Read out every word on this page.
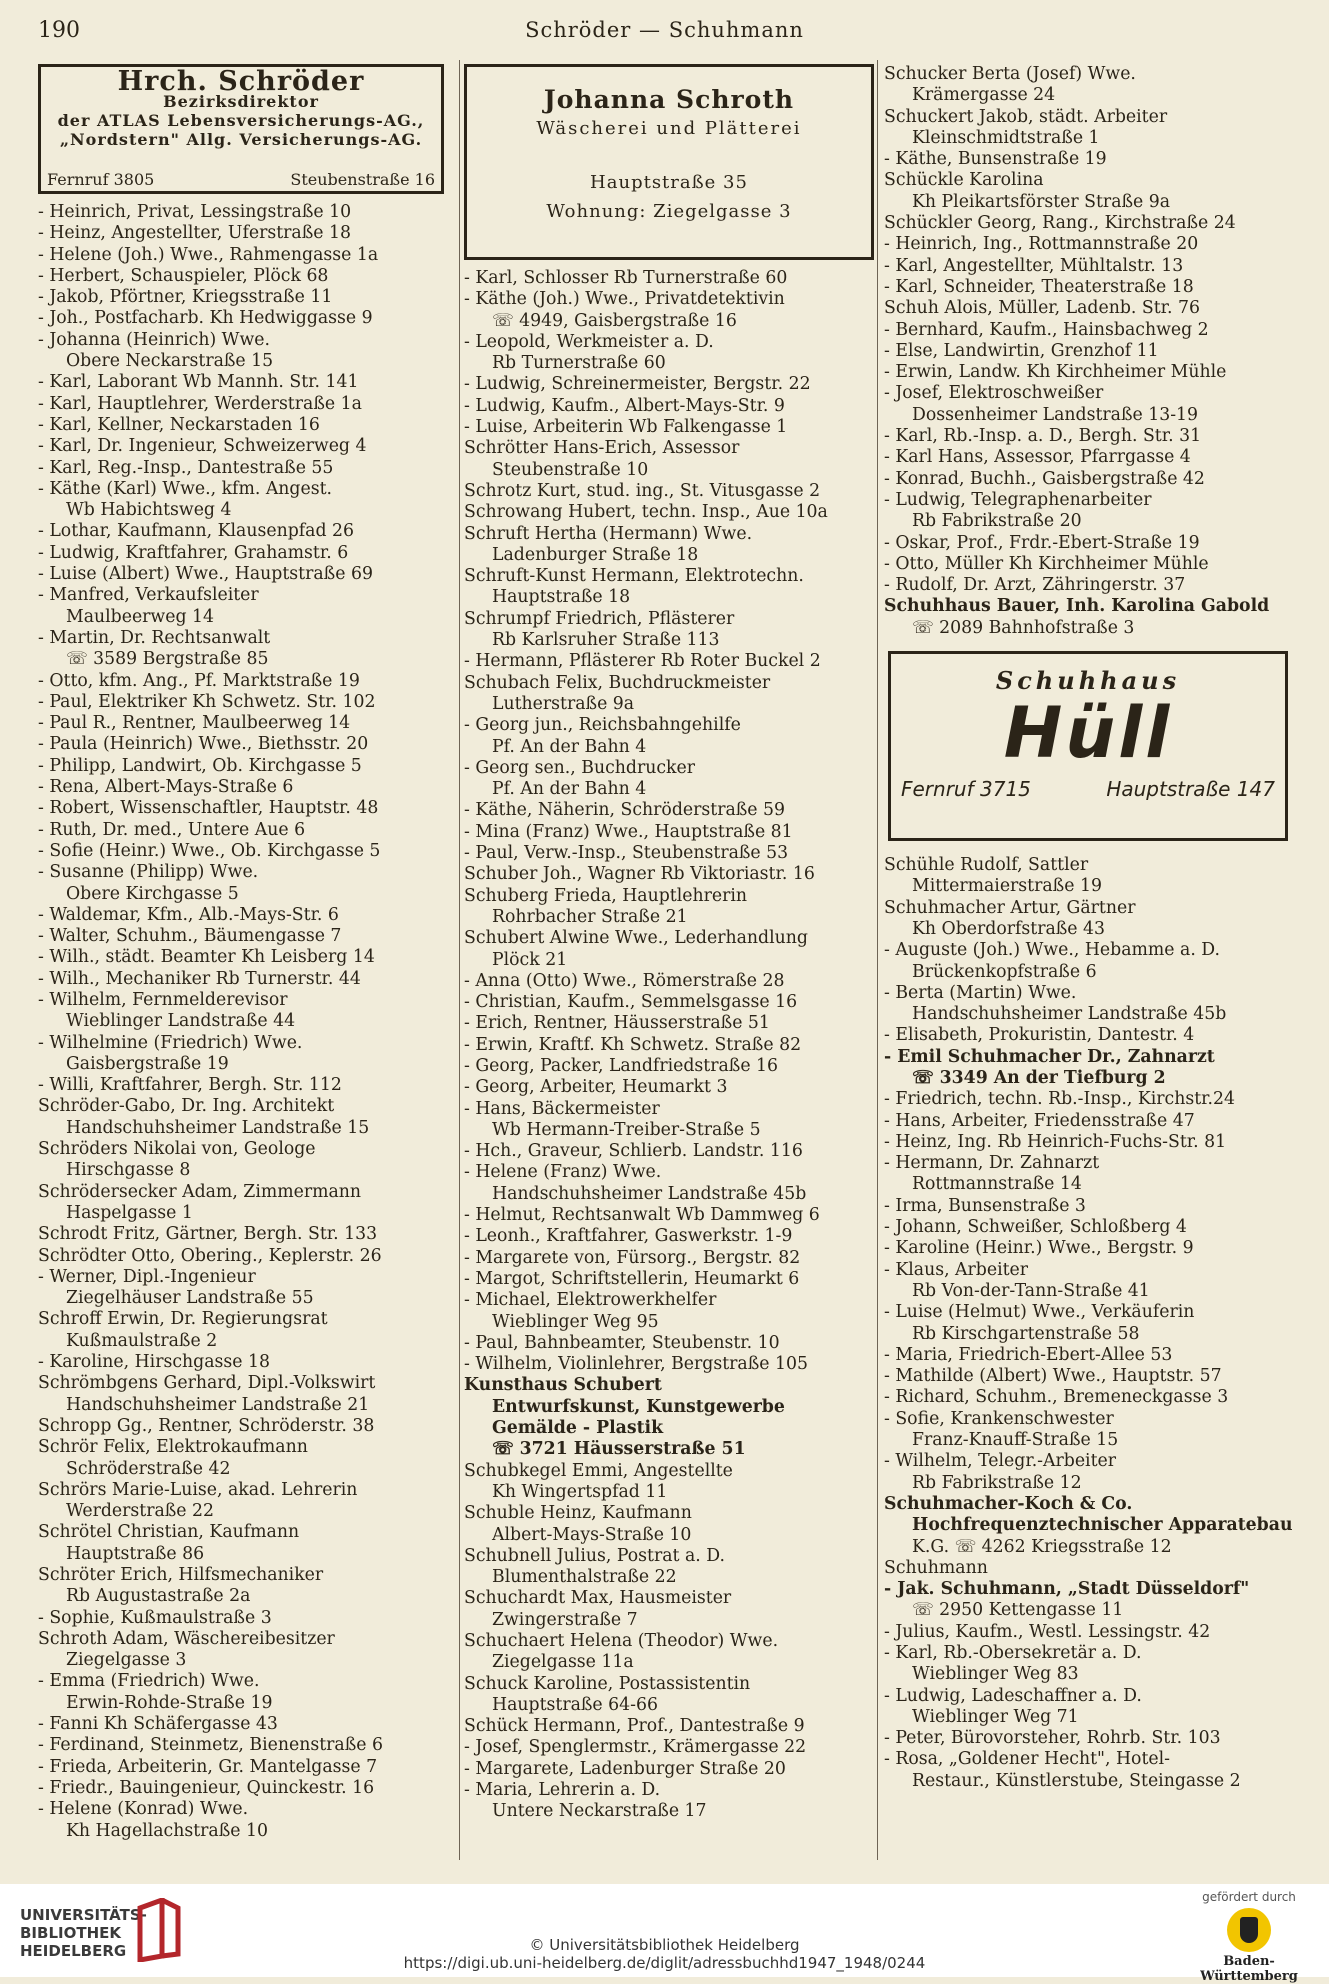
190	Schröder — Schuhmann
Hrch. Schröder
Bezirksdirektor
der ATLAS Lebensversicherungs-AG.,
„Nordstern" Allg. Versicherungs-AG.
Fernruf 3805	Steubenstraße 16
- Heinrich, Privat, Lessingstraße 10
- Heinz, Angestellter, Uferstraße 18
- Helene (Joh.) Wwe., Rahmengasse 1a
- Herbert, Schauspieler, Plöck 68
- Jakob, Pförtner, Kriegsstraße 11
- Joh., Postfacharb. Kh Hedwiggasse 9
- Johanna (Heinrich) Wwe.
Obere Neckarstraße 15
- Karl, Laborant Wb Mannh. Str. 141
- Karl, Hauptlehrer, Werderstraße 1a
- Karl, Kellner, Neckarstaden 16
- Karl, Dr. Ingenieur, Schweizerweg 4
- Karl, Reg.-Insp., Dantestraße 55
- Käthe (Karl) Wwe., kfm. Angest.
Wb Habichtsweg 4
- Lothar, Kaufmann, Klausenpfad 26
- Ludwig, Kraftfahrer, Grahamstr. 6
- Luise (Albert) Wwe., Hauptstraße 69
- Manfred, Verkaufsleiter
Maulbeerweg 14
- Martin, Dr. Rechtsanwalt
☏ 3589 Bergstraße 85
- Otto, kfm. Ang., Pf. Marktstraße 19
- Paul, Elektriker Kh Schwetz. Str. 102
- Paul R., Rentner, Maulbeerweg 14
- Paula (Heinrich) Wwe., Biethsstr. 20
- Philipp, Landwirt, Ob. Kirchgasse 5
- Rena, Albert-Mays-Straße 6
- Robert, Wissenschaftler, Hauptstr. 48
- Ruth, Dr. med., Untere Aue 6
- Sofie (Heinr.) Wwe., Ob. Kirchgasse 5
- Susanne (Philipp) Wwe.
Obere Kirchgasse 5
- Waldemar, Kfm., Alb.-Mays-Str. 6
- Walter, Schuhm., Bäumengasse 7
- Wilh., städt. Beamter Kh Leisberg 14
- Wilh., Mechaniker Rb Turnerstr. 44
- Wilhelm, Fernmelderevisor
Wieblinger Landstraße 44
- Wilhelmine (Friedrich) Wwe.
Gaisbergstraße 19
- Willi, Kraftfahrer, Bergh. Str. 112
Schröder-Gabo, Dr. Ing. Architekt
Handschuhsheimer Landstraße 15
Schröders Nikolai von, Geologe
Hirschgasse 8
Schrödersecker Adam, Zimmermann
Haspelgasse 1
Schrodt Fritz, Gärtner, Bergh. Str. 133
Schrödter Otto, Obering., Keplerstr. 26
- Werner, Dipl.-Ingenieur
Ziegelhäuser Landstraße 55
Schroff Erwin, Dr. Regierungsrat
Kußmaulstraße 2
- Karoline, Hirschgasse 18
Schrömbgens Gerhard, Dipl.-Volkswirt
Handschuhsheimer Landstraße 21
Schropp Gg., Rentner, Schröderstr. 38
Schrör Felix, Elektrokaufmann
Schröderstraße 42
Schrörs Marie-Luise, akad. Lehrerin
Werderstraße 22
Schrötel Christian, Kaufmann
Hauptstraße 86
Schröter Erich, Hilfsmechaniker
Rb Augustastraße 2a
- Sophie, Kußmaulstraße 3
Schroth Adam, Wäschereibesitzer
Ziegelgasse 3
- Emma (Friedrich) Wwe.
Erwin-Rohde-Straße 19
- Fanni Kh Schäfergasse 43
- Ferdinand, Steinmetz, Bienenstraße 6
- Frieda, Arbeiterin, Gr. Mantelgasse 7
- Friedr., Bauingenieur, Quinckestr. 16
- Helene (Konrad) Wwe.
Kh Hagellachstraße 10
Johanna Schroth
Wäscherei und Plätterei
Hauptstraße 35
Wohnung: Ziegelgasse 3
- Karl, Schlosser Rb Turnerstraße 60
- Käthe (Joh.) Wwe., Privatdetektivin
☏ 4949, Gaisbergstraße 16
- Leopold, Werkmeister a. D.
Rb Turnerstraße 60
- Ludwig, Schreinermeister, Bergstr. 22
- Ludwig, Kaufm., Albert-Mays-Str. 9
- Luise, Arbeiterin Wb Falkengasse 1
Schrötter Hans-Erich, Assessor
Steubenstraße 10
Schrotz Kurt, stud. ing., St. Vitusgasse 2
Schrowang Hubert, techn. Insp., Aue 10a
Schruft Hertha (Hermann) Wwe.
Ladenburger Straße 18
Schruft-Kunst Hermann, Elektrotechn.
Hauptstraße 18
Schrumpf Friedrich, Pflästerer
Rb Karlsruher Straße 113
- Hermann, Pflästerer Rb Roter Buckel 2
Schubach Felix, Buchdruckmeister
Lutherstraße 9a
- Georg jun., Reichsbahngehilfe
Pf. An der Bahn 4
- Georg sen., Buchdrucker
Pf. An der Bahn 4
- Käthe, Näherin, Schröderstraße 59
- Mina (Franz) Wwe., Hauptstraße 81
- Paul, Verw.-Insp., Steubenstraße 53
Schuber Joh., Wagner Rb Viktoriastr. 16
Schuberg Frieda, Hauptlehrerin
Rohrbacher Straße 21
Schubert Alwine Wwe., Lederhandlung
Plöck 21
- Anna (Otto) Wwe., Römerstraße 28
- Christian, Kaufm., Semmelsgasse 16
- Erich, Rentner, Häusserstraße 51
- Erwin, Kraftf. Kh Schwetz. Straße 82
- Georg, Packer, Landfriedstraße 16
- Georg, Arbeiter, Heumarkt 3
- Hans, Bäckermeister
Wb Hermann-Treiber-Straße 5
- Hch., Graveur, Schlierb. Landstr. 116
- Helene (Franz) Wwe.
Handschuhsheimer Landstraße 45b
- Helmut, Rechtsanwalt Wb Dammweg 6
- Leonh., Kraftfahrer, Gaswerkstr. 1-9
- Margarete von, Fürsorg., Bergstr. 82
- Margot, Schriftstellerin, Heumarkt 6
- Michael, Elektrowerkhelfer
Wieblinger Weg 95
- Paul, Bahnbeamter, Steubenstr. 10
- Wilhelm, Violinlehrer, Bergstraße 105
Kunsthaus Schubert
Entwurfskunst, Kunstgewerbe
Gemälde - Plastik
☏ 3721 Häusserstraße 51
Schubkegel Emmi, Angestellte
Kh Wingertspfad 11
Schuble Heinz, Kaufmann
Albert-Mays-Straße 10
Schubnell Julius, Postrat a. D.
Blumenthalstraße 22
Schuchardt Max, Hausmeister
Zwingerstraße 7
Schuchaert Helena (Theodor) Wwe.
Ziegelgasse 11a
Schuck Karoline, Postassistentin
Hauptstraße 64-66
Schück Hermann, Prof., Dantestraße 9
- Josef, Spenglermstr., Krämergasse 22
- Margarete, Ladenburger Straße 20
- Maria, Lehrerin a. D.
Untere Neckarstraße 17
Schucker Berta (Josef) Wwe.
Krämergasse 24
Schuckert Jakob, städt. Arbeiter
Kleinschmidtstraße 1
- Käthe, Bunsenstraße 19
Schückle Karolina
Kh Pleikartsförster Straße 9a
Schückler Georg, Rang., Kirchstraße 24
- Heinrich, Ing., Rottmannstraße 20
- Karl, Angestellter, Mühltalstr. 13
- Karl, Schneider, Theaterstraße 18
Schuh Alois, Müller, Ladenb. Str. 76
- Bernhard, Kaufm., Hainsbachweg 2
- Else, Landwirtin, Grenzhof 11
- Erwin, Landw. Kh Kirchheimer Mühle
- Josef, Elektroschweißer
Dossenheimer Landstraße 13-19
- Karl, Rb.-Insp. a. D., Bergh. Str. 31
- Karl Hans, Assessor, Pfarrgasse 4
- Konrad, Buchh., Gaisbergstraße 42
- Ludwig, Telegraphenarbeiter
Rb Fabrikstraße 20
- Oskar, Prof., Frdr.-Ebert-Straße 19
- Otto, Müller Kh Kirchheimer Mühle
- Rudolf, Dr. Arzt, Zähringerstr. 37
Schuhhaus Bauer, Inh. Karolina Gabold
☏ 2089 Bahnhofstraße 3
Schuhhaus
Hüll
Fernruf 3715	Hauptstraße 147
Schühle Rudolf, Sattler
Mittermaierstraße 19
Schuhmacher Artur, Gärtner
Kh Oberdorfstraße 43
- Auguste (Joh.) Wwe., Hebamme a. D.
Brückenkopfstraße 6
- Berta (Martin) Wwe.
Handschuhsheimer Landstraße 45b
- Elisabeth, Prokuristin, Dantestr. 4
- Emil Schuhmacher Dr., Zahnarzt
☏ 3349 An der Tiefburg 2
- Friedrich, techn. Rb.-Insp., Kirchstr.24
- Hans, Arbeiter, Friedensstraße 47
- Heinz, Ing. Rb Heinrich-Fuchs-Str. 81
- Hermann, Dr. Zahnarzt
Rottmannstraße 14
- Irma, Bunsenstraße 3
- Johann, Schweißer, Schloßberg 4
- Karoline (Heinr.) Wwe., Bergstr. 9
- Klaus, Arbeiter
Rb Von-der-Tann-Straße 41
- Luise (Helmut) Wwe., Verkäuferin
Rb Kirschgartenstraße 58
- Maria, Friedrich-Ebert-Allee 53
- Mathilde (Albert) Wwe., Hauptstr. 57
- Richard, Schuhm., Bremeneckgasse 3
- Sofie, Krankenschwester
Franz-Knauff-Straße 15
- Wilhelm, Telegr.-Arbeiter
Rb Fabrikstraße 12
Schuhmacher-Koch & Co.
Hochfrequenztechnischer Apparatebau
K.G. ☏ 4262 Kriegsstraße 12
Schuhmann
- Jak. Schuhmann, „Stadt Düsseldorf"
☏ 2950 Kettengasse 11
- Julius, Kaufm., Westl. Lessingstr. 42
- Karl, Rb.-Obersekretär a. D.
Wieblinger Weg 83
- Ludwig, Ladeschaffner a. D.
Wieblinger Weg 71
- Peter, Bürovorsteher, Rohrb. Str. 103
- Rosa, „Goldener Hecht", Hotel-
Restaur., Künstlerstube, Steingasse 2
UNIVERSITÄTS-
BIBLIOTHEK
HEIDELBERG	© Universitätsbibliothek Heidelberg
https://digi.ub.uni-heidelberg.de/diglit/adressbuchhd1947_1948/0244
gefördert durch
Baden-Württemberg
